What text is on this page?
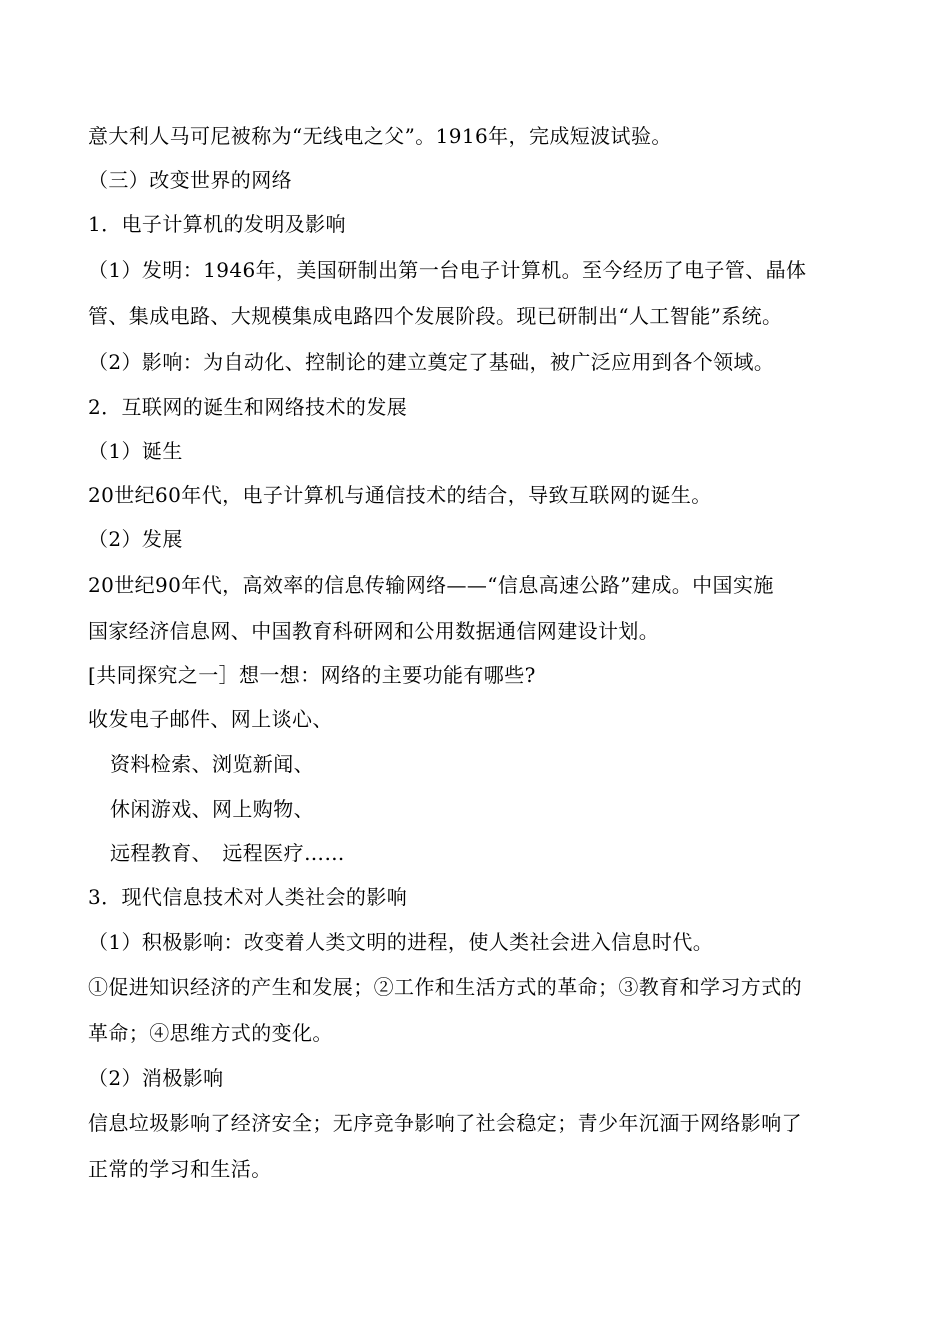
意大利人马可尼被称为“无线电之父”。1916年，完成短波试验。
（三）改变世界的网络
1．电子计算机的发明及影响
（1）发明：1946年，美国研制出第一台电子计算机。至今经历了电子管、晶体
管、集成电路、大规模集成电路四个发展阶段。现已研制出“人工智能”系统。
（2）影响：为自动化、控制论的建立奠定了基础，被广泛应用到各个领域。
2．互联网的诞生和网络技术的发展
（1）诞生
20世纪60年代，电子计算机与通信技术的结合，导致互联网的诞生。
（2）发展
20世纪90年代，高效率的信息传输网络——“信息高速公路”建成。中国实施
国家经济信息网、中国教育科研网和公用数据通信网建设计划。
[共同探究之一］想一想：网络的主要功能有哪些?
收发电子邮件、网上谈心、
资料检索、浏览新闻、
休闲游戏、网上购物、
远程教育、　远程医疗……
3．现代信息技术对人类社会的影响
（1）积极影响：改变着人类文明的进程，使人类社会进入信息时代。
①促进知识经济的产生和发展；②工作和生活方式的革命；③教育和学习方式的
革命；④思维方式的变化。
（2）消极影响
信息垃圾影响了经济安全；无序竞争影响了社会稳定；青少年沉湎于网络影响了
正常的学习和生活。
